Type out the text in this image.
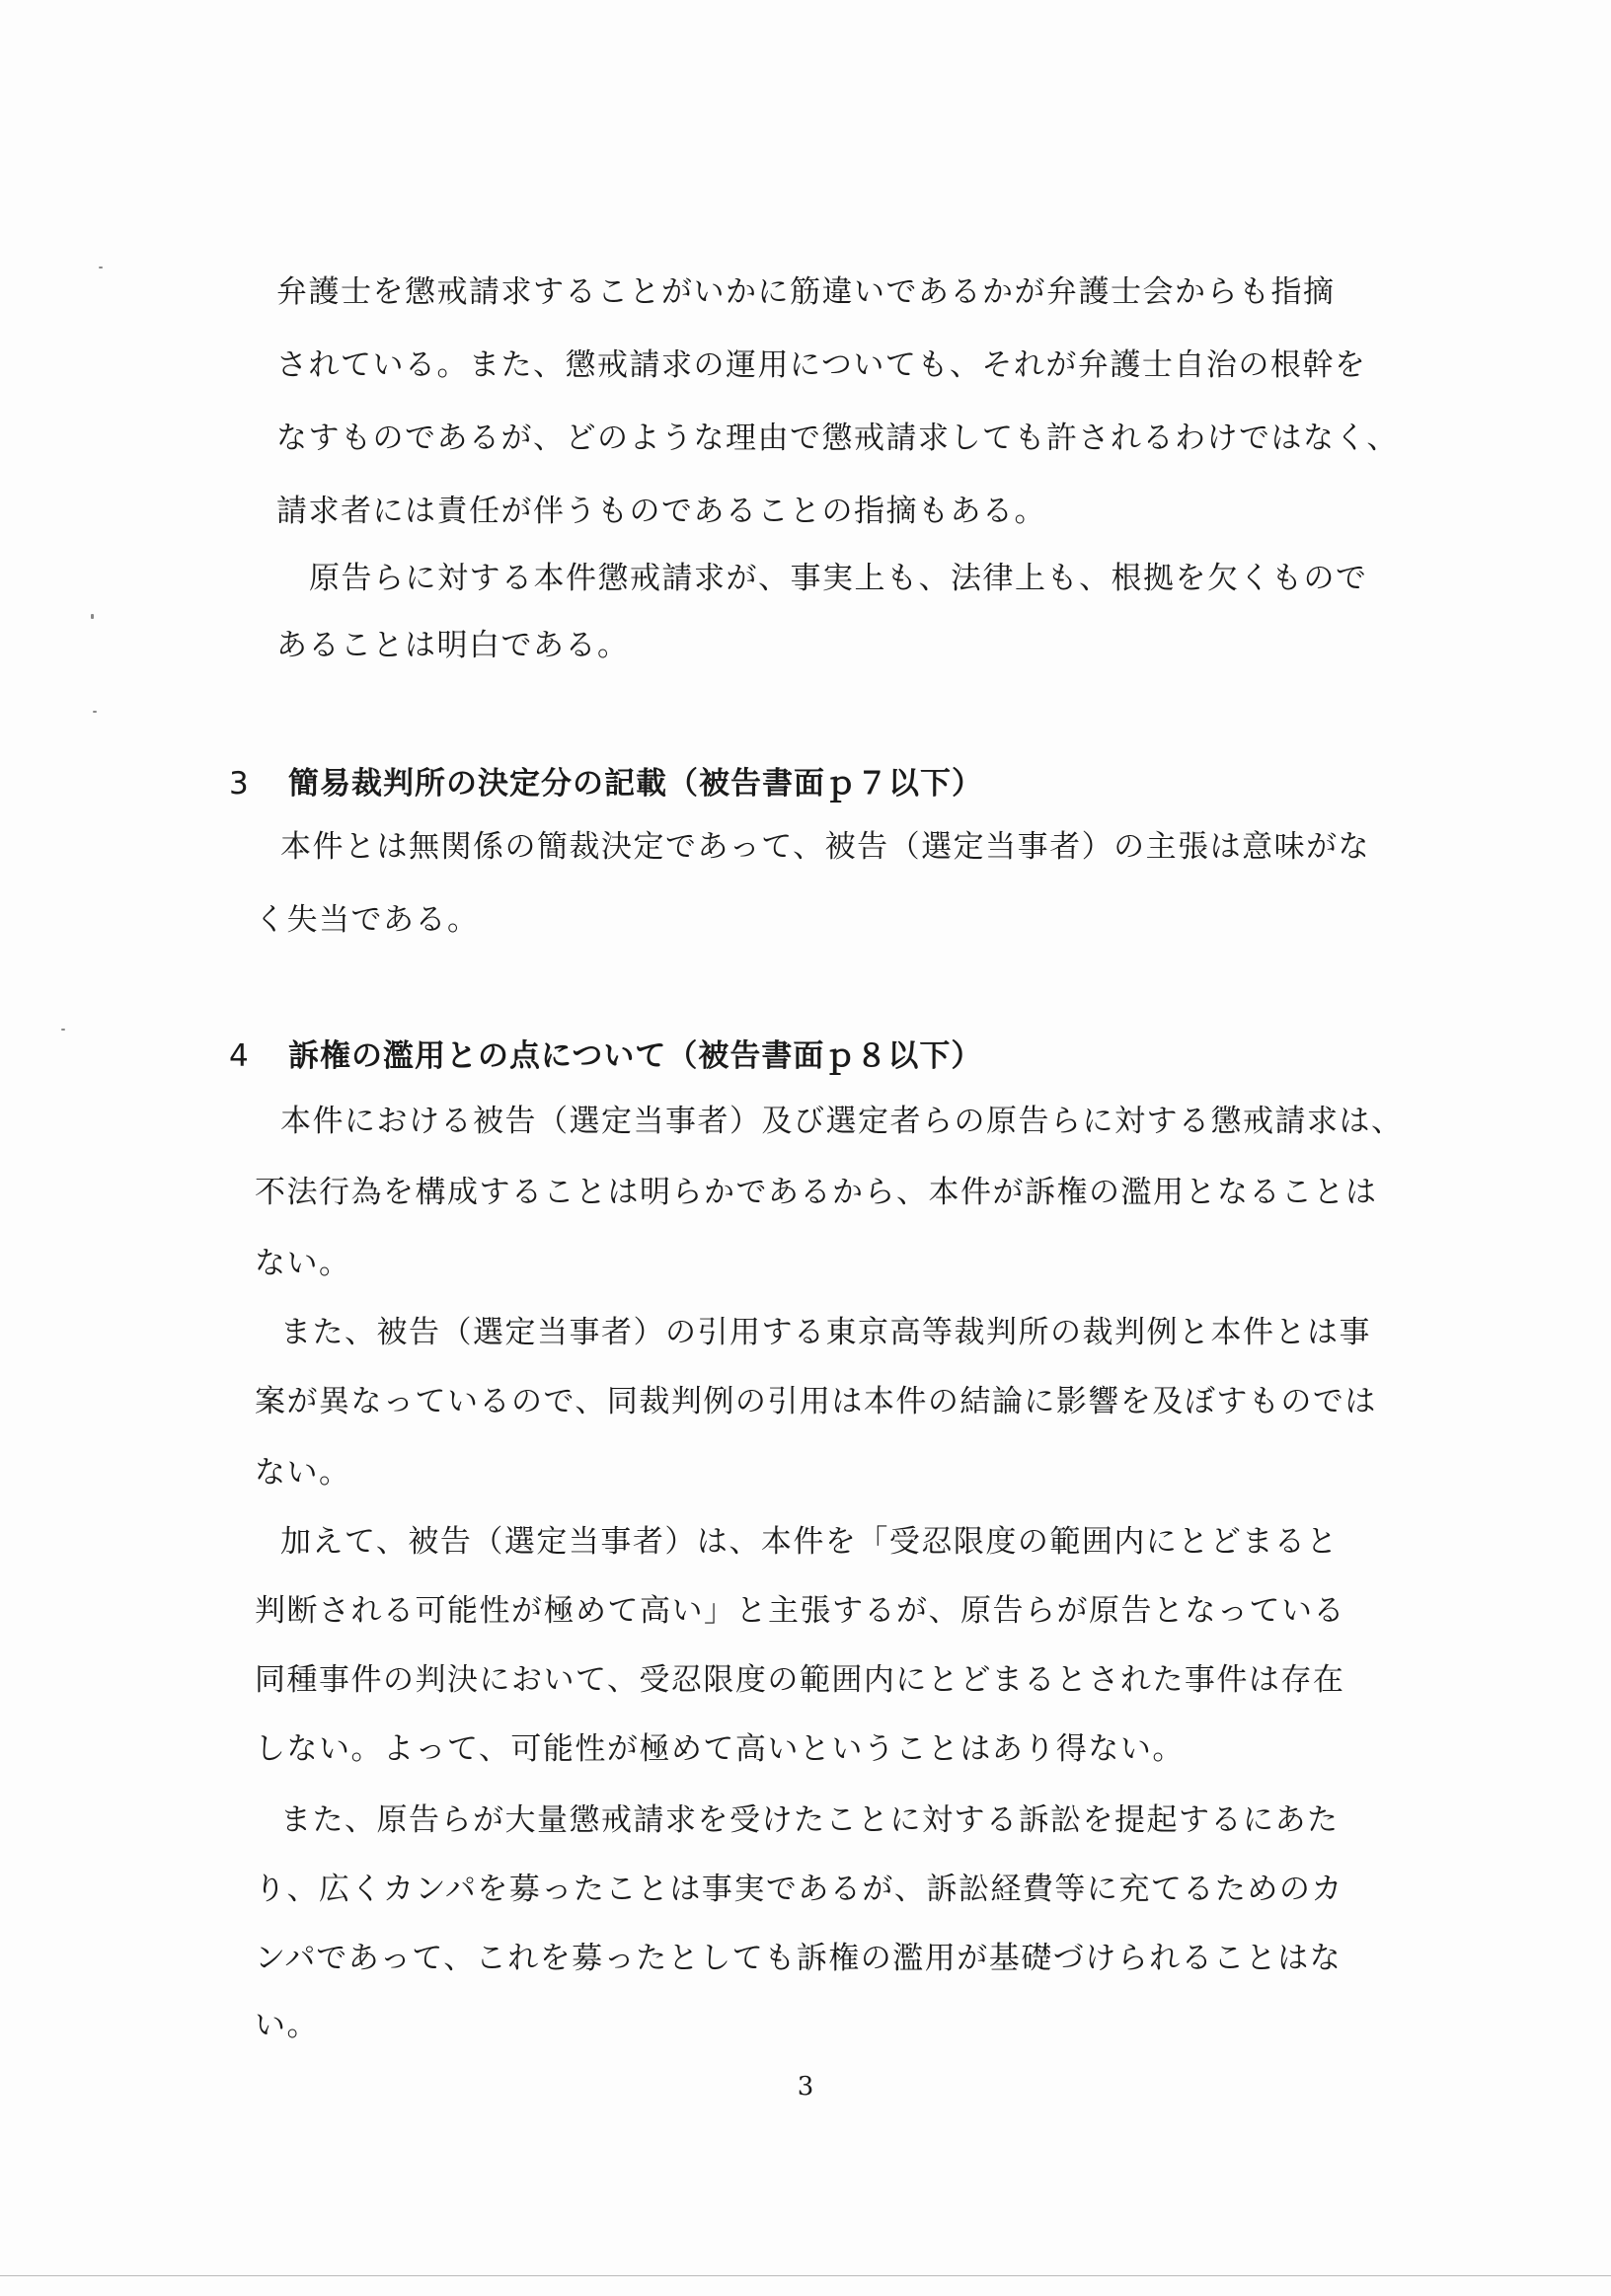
弁護士を懲戒請求することがいかに筋違いであるかが弁護士会からも指摘
されている。また、懲戒請求の運用についても、それが弁護士自治の根幹を
なすものであるが、どのような理由で懲戒請求しても許されるわけではなく、
請求者には責任が伴うものであることの指摘もある。
原告らに対する本件懲戒請求が、事実上も、法律上も、根拠を欠くもので
あることは明白である。
3 簡易裁判所の決定分の記載（被告書面ｐ７以下）
本件とは無関係の簡裁決定であって、被告（選定当事者）の主張は意味がな
く失当である。
4 訴権の濫用との点について（被告書面ｐ８以下）
本件における被告（選定当事者）及び選定者らの原告らに対する懲戒請求は、
不法行為を構成することは明らかであるから、本件が訴権の濫用となることは
ない。
また、被告（選定当事者）の引用する東京高等裁判所の裁判例と本件とは事
案が異なっているので、同裁判例の引用は本件の結論に影響を及ぼすものでは
ない。
加えて、被告（選定当事者）は、本件を「受忍限度の範囲内にとどまると
判断される可能性が極めて高い」と主張するが、原告らが原告となっている
同種事件の判決において、受忍限度の範囲内にとどまるとされた事件は存在
しない。よって、可能性が極めて高いということはあり得ない。
また、原告らが大量懲戒請求を受けたことに対する訴訟を提起するにあた
り、広くカンパを募ったことは事実であるが、訴訟経費等に充てるためのカ
ンパであって、これを募ったとしても訴権の濫用が基礎づけられることはな
い。
3
